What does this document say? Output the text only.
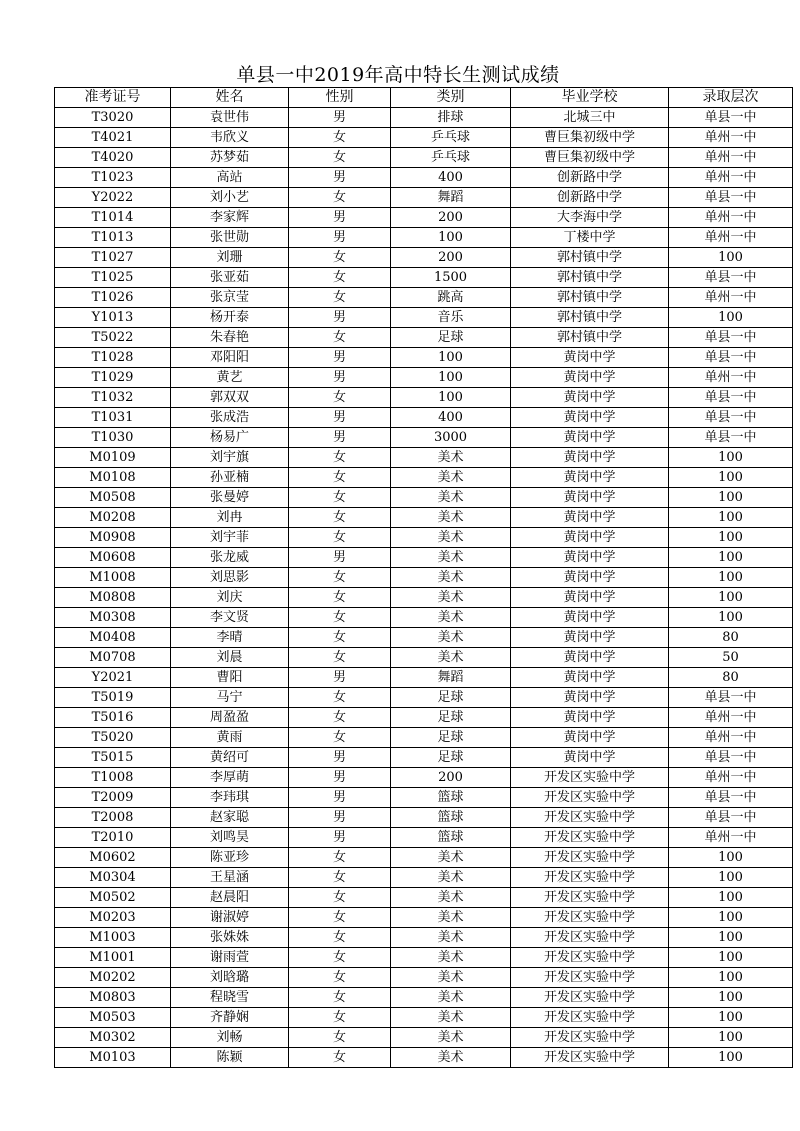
单县一中2019年高中特长生测试成绩
准考证号	姓名	性别	类别	毕业学校	录取层次
T3020	袁世伟	男	排球	北城三中	单县一中
T4021	韦欣义	女	乒乓球	曹巨集初级中学	单州一中
T4020	苏梦茹	女	乒乓球	曹巨集初级中学	单州一中
T1023	高站	男	400	创新路中学	单州一中
Y2022	刘小艺	女	舞蹈	创新路中学	单县一中
T1014	李家辉	男	200	大李海中学	单州一中
T1013	张世勋	男	100	丁楼中学	单州一中
T1027	刘珊	女	200	郭村镇中学	100
T1025	张亚茹	女	1500	郭村镇中学	单县一中
T1026	张京莹	女	跳高	郭村镇中学	单州一中
Y1013	杨开泰	男	音乐	郭村镇中学	100
T5022	朱春艳	女	足球	郭村镇中学	单县一中
T1028	邓阳阳	男	100	黄岗中学	单县一中
T1029	黄艺	男	100	黄岗中学	单州一中
T1032	郭双双	女	100	黄岗中学	单县一中
T1031	张成浩	男	400	黄岗中学	单县一中
T1030	杨易广	男	3000	黄岗中学	单县一中
M0109	刘宇旗	女	美术	黄岗中学	100
M0108	孙亚楠	女	美术	黄岗中学	100
M0508	张曼婷	女	美术	黄岗中学	100
M0208	刘冉	女	美术	黄岗中学	100
M0908	刘宇菲	女	美术	黄岗中学	100
M0608	张龙威	男	美术	黄岗中学	100
M1008	刘思影	女	美术	黄岗中学	100
M0808	刘庆	女	美术	黄岗中学	100
M0308	李文贤	女	美术	黄岗中学	100
M0408	李晴	女	美术	黄岗中学	80
M0708	刘晨	女	美术	黄岗中学	50
Y2021	曹阳	男	舞蹈	黄岗中学	80
T5019	马宁	女	足球	黄岗中学	单县一中
T5016	周盈盈	女	足球	黄岗中学	单州一中
T5020	黄雨	女	足球	黄岗中学	单州一中
T5015	黄绍可	男	足球	黄岗中学	单县一中
T1008	李厚萌	男	200	开发区实验中学	单州一中
T2009	李玮琪	男	篮球	开发区实验中学	单县一中
T2008	赵家聪	男	篮球	开发区实验中学	单县一中
T2010	刘鸣昊	男	篮球	开发区实验中学	单州一中
M0602	陈亚珍	女	美术	开发区实验中学	100
M0304	王星涵	女	美术	开发区实验中学	100
M0502	赵晨阳	女	美术	开发区实验中学	100
M0203	谢淑婷	女	美术	开发区实验中学	100
M1003	张姝姝	女	美术	开发区实验中学	100
M1001	谢雨萱	女	美术	开发区实验中学	100
M0202	刘晗璐	女	美术	开发区实验中学	100
M0803	程晓雪	女	美术	开发区实验中学	100
M0503	齐静娴	女	美术	开发区实验中学	100
M0302	刘畅	女	美术	开发区实验中学	100
M0103	陈颖	女	美术	开发区实验中学	100
